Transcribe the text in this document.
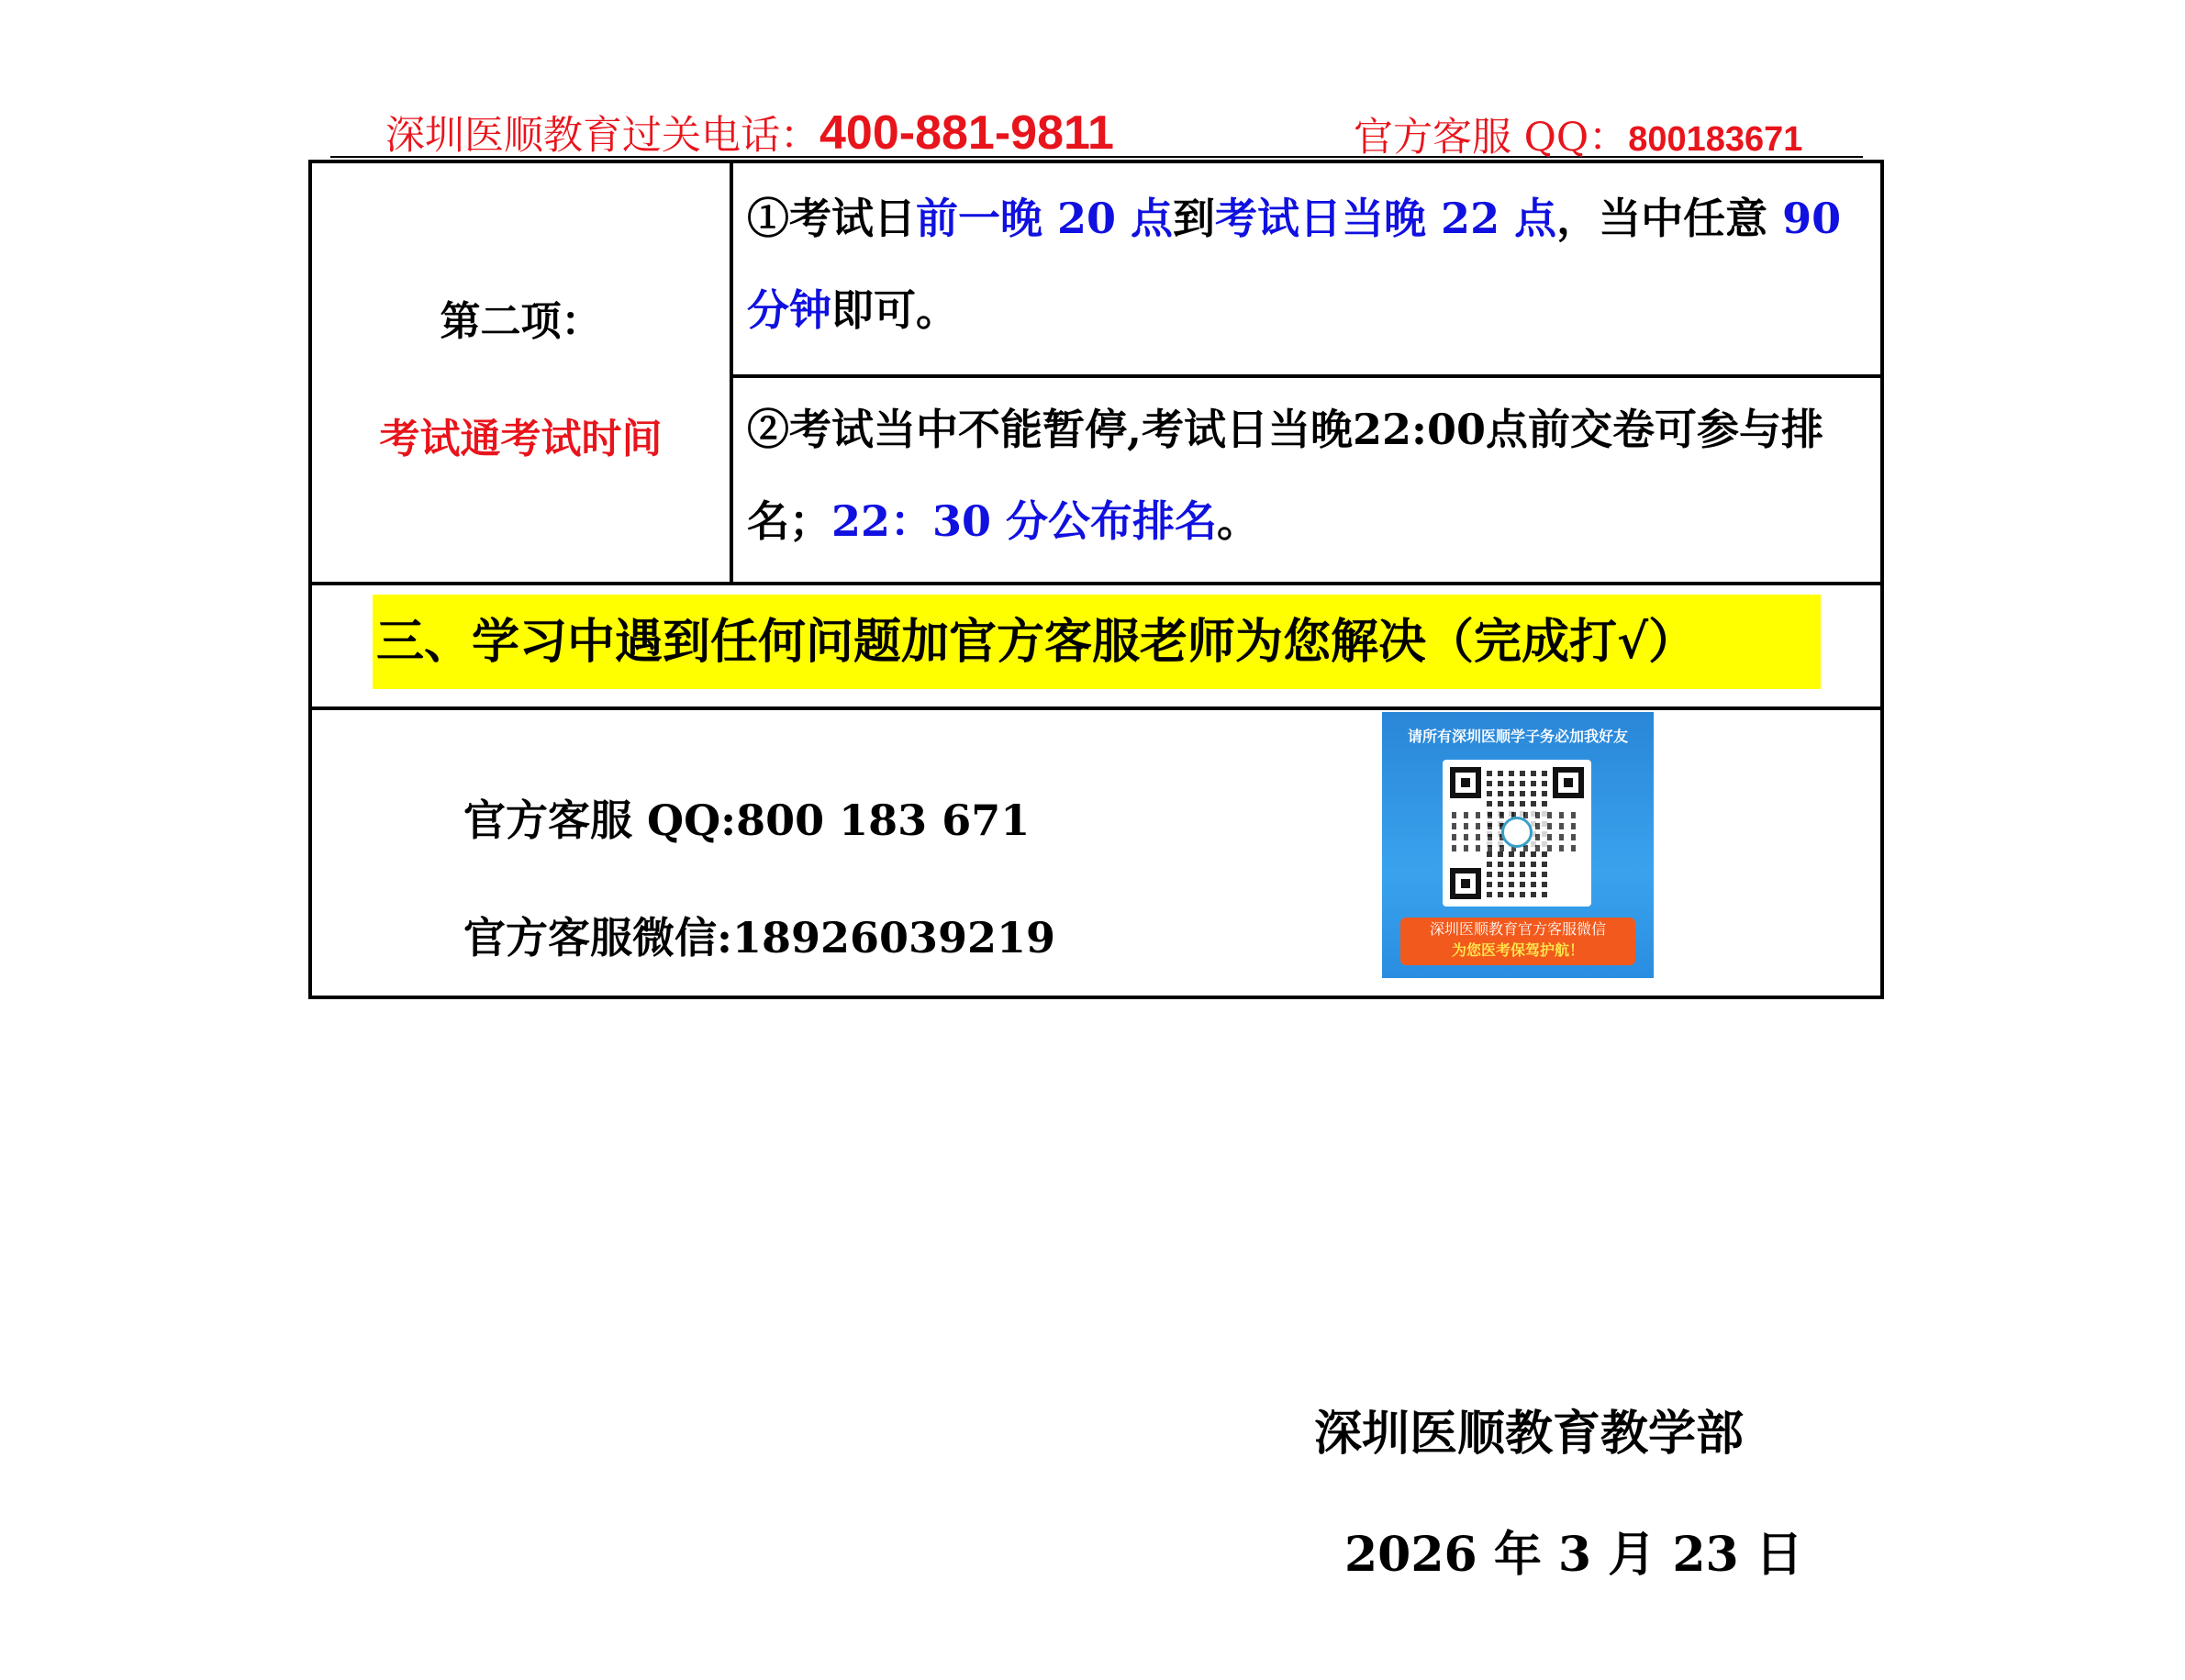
深圳医顺教育过关电话：400-881-9811	官方客服 QQ：800183671
第二项：
考试通考试时间
①考试日前一晚 20 点到考试日当晚 22 点，当中任意 90 分钟即可。
②考试当中不能暂停,考试日当晚22:00点前交卷可参与排名；22：30 分公布排名。
三、学习中遇到任何问题加官方客服老师为您解决（完成打√）
官方客服 QQ:800 183 671
官方客服微信:18926039219
请所有深圳医顺学子务必加我好友
深圳医顺教育官方客服微信
为您医考保驾护航！
深圳医顺教育教学部
2026 年 3 月 23 日
